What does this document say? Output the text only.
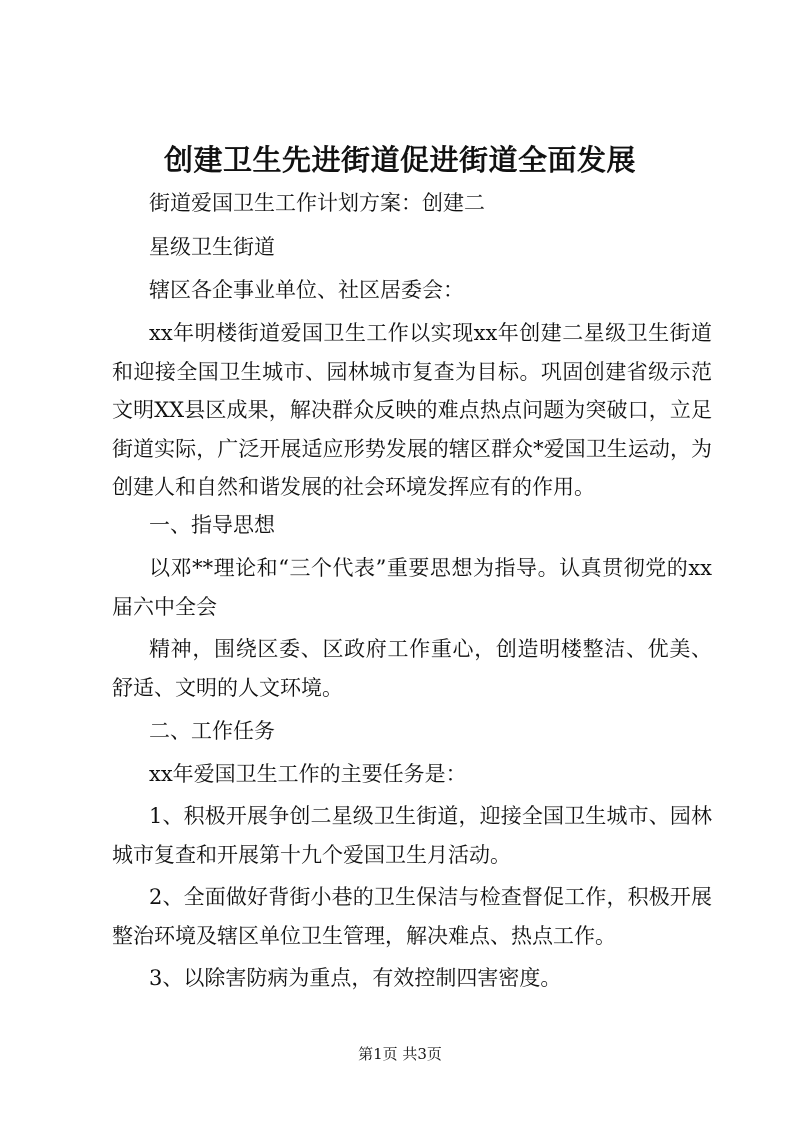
创建卫生先进街道促进街道全面发展

街道爱国卫生工作计划方案：创建二

星级卫生街道

辖区各企事业单位、社区居委会：

xx年明楼街道爱国卫生工作以实现xx年创建二星级卫生街道和迎接全国卫生城市、园林城市复查为目标。巩固创建省级示范文明XX县区成果，解决群众反映的难点热点问题为突破口，立足街道实际，广泛开展适应形势发展的辖区群众*爱国卫生运动，为创建人和自然和谐发展的社会环境发挥应有的作用。

一、指导思想

以邓**理论和“三个代表”重要思想为指导。认真贯彻党的xx届六中全会

精神，围绕区委、区政府工作重心，创造明楼整洁、优美、舒适、文明的人文环境。

二、工作任务

xx年爱国卫生工作的主要任务是：

1、积极开展争创二星级卫生街道，迎接全国卫生城市、园林城市复查和开展第十九个爱国卫生月活动。

2、全面做好背街小巷的卫生保洁与检查督促工作，积极开展整治环境及辖区单位卫生管理，解决难点、热点工作。

3、以除害防病为重点，有效控制四害密度。

第1页 共3页
